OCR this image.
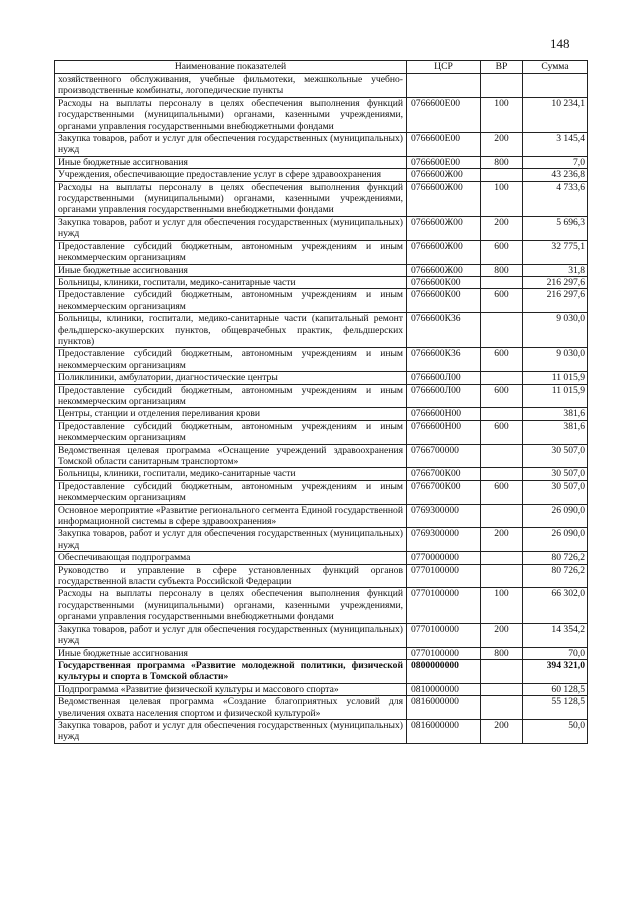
148
Наименование показателей	ЦСР	ВР	Сумма
хозяйственного обслуживания, учебные фильмотеки, межшкольные учебно-производственные комбинаты, логопедические пункты			
Расходы на выплаты персоналу в целях обеспечения выполнения функций государственными (муниципальными) органами, казенными учреждениями, органами управления государственными внебюджетными фондами	0766600Е00	100	10 234,1
Закупка товаров, работ и услуг для обеспечения государственных (муниципальных) нужд	0766600Е00	200	3 145,4
Иные бюджетные ассигнования	0766600Е00	800	7,0
Учреждения, обеспечивающие предоставление услуг в сфере здравоохранения	0766600Ж00		43 236,8
Расходы на выплаты персоналу в целях обеспечения выполнения функций государственными (муниципальными) органами, казенными учреждениями, органами управления государственными внебюджетными фондами	0766600Ж00	100	4 733,6
Закупка товаров, работ и услуг для обеспечения государственных (муниципальных) нужд	0766600Ж00	200	5 696,3
Предоставление субсидий бюджетным, автономным учреждениям и иным некоммерческим организациям	0766600Ж00	600	32 775,1
Иные бюджетные ассигнования	0766600Ж00	800	31,8
Больницы, клиники, госпитали, медико-санитарные части	0766600К00		216 297,6
Предоставление субсидий бюджетным, автономным учреждениям и иным некоммерческим организациям	0766600К00	600	216 297,6
Больницы, клиники, госпитали, медико-санитарные части (капитальный ремонт фельдшерско-акушерских пунктов, общеврачебных практик, фельдшерских пунктов)	0766600К36		9 030,0
Предоставление субсидий бюджетным, автономным учреждениям и иным некоммерческим организациям	0766600К36	600	9 030,0
Поликлиники, амбулатории, диагностические центры	0766600Л00		11 015,9
Предоставление субсидий бюджетным, автономным учреждениям и иным некоммерческим организациям	0766600Л00	600	11 015,9
Центры, станции и отделения переливания крови	0766600Н00		381,6
Предоставление субсидий бюджетным, автономным учреждениям и иным некоммерческим организациям	0766600Н00	600	381,6
Ведомственная целевая программа «Оснащение учреждений здравоохранения Томской области санитарным транспортом»	0766700000		30 507,0
Больницы, клиники, госпитали, медико-санитарные части	0766700К00		30 507,0
Предоставление субсидий бюджетным, автономным учреждениям и иным некоммерческим организациям	0766700К00	600	30 507,0
Основное мероприятие «Развитие регионального сегмента Единой государственной информационной системы в сфере здравоохранения»	0769300000		26 090,0
Закупка товаров, работ и услуг для обеспечения государственных (муниципальных) нужд	0769300000	200	26 090,0
Обеспечивающая подпрограмма	0770000000		80 726,2
Руководство и управление в сфере установленных функций органов государственной власти субъекта Российской Федерации	0770100000		80 726,2
Расходы на выплаты персоналу в целях обеспечения выполнения функций государственными (муниципальными) органами, казенными учреждениями, органами управления государственными внебюджетными фондами	0770100000	100	66 302,0
Закупка товаров, работ и услуг для обеспечения государственных (муниципальных) нужд	0770100000	200	14 354,2
Иные бюджетные ассигнования	0770100000	800	70,0
Государственная программа «Развитие молодежной политики, физической культуры и спорта в Томской области»	0800000000		394 321,0
Подпрограмма «Развитие физической культуры и массового спорта»	0810000000		60 128,5
Ведомственная целевая программа «Создание благоприятных условий для увеличения охвата населения спортом и физической культурой»	0816000000		55 128,5
Закупка товаров, работ и услуг для обеспечения государственных (муниципальных) нужд	0816000000	200	50,0
